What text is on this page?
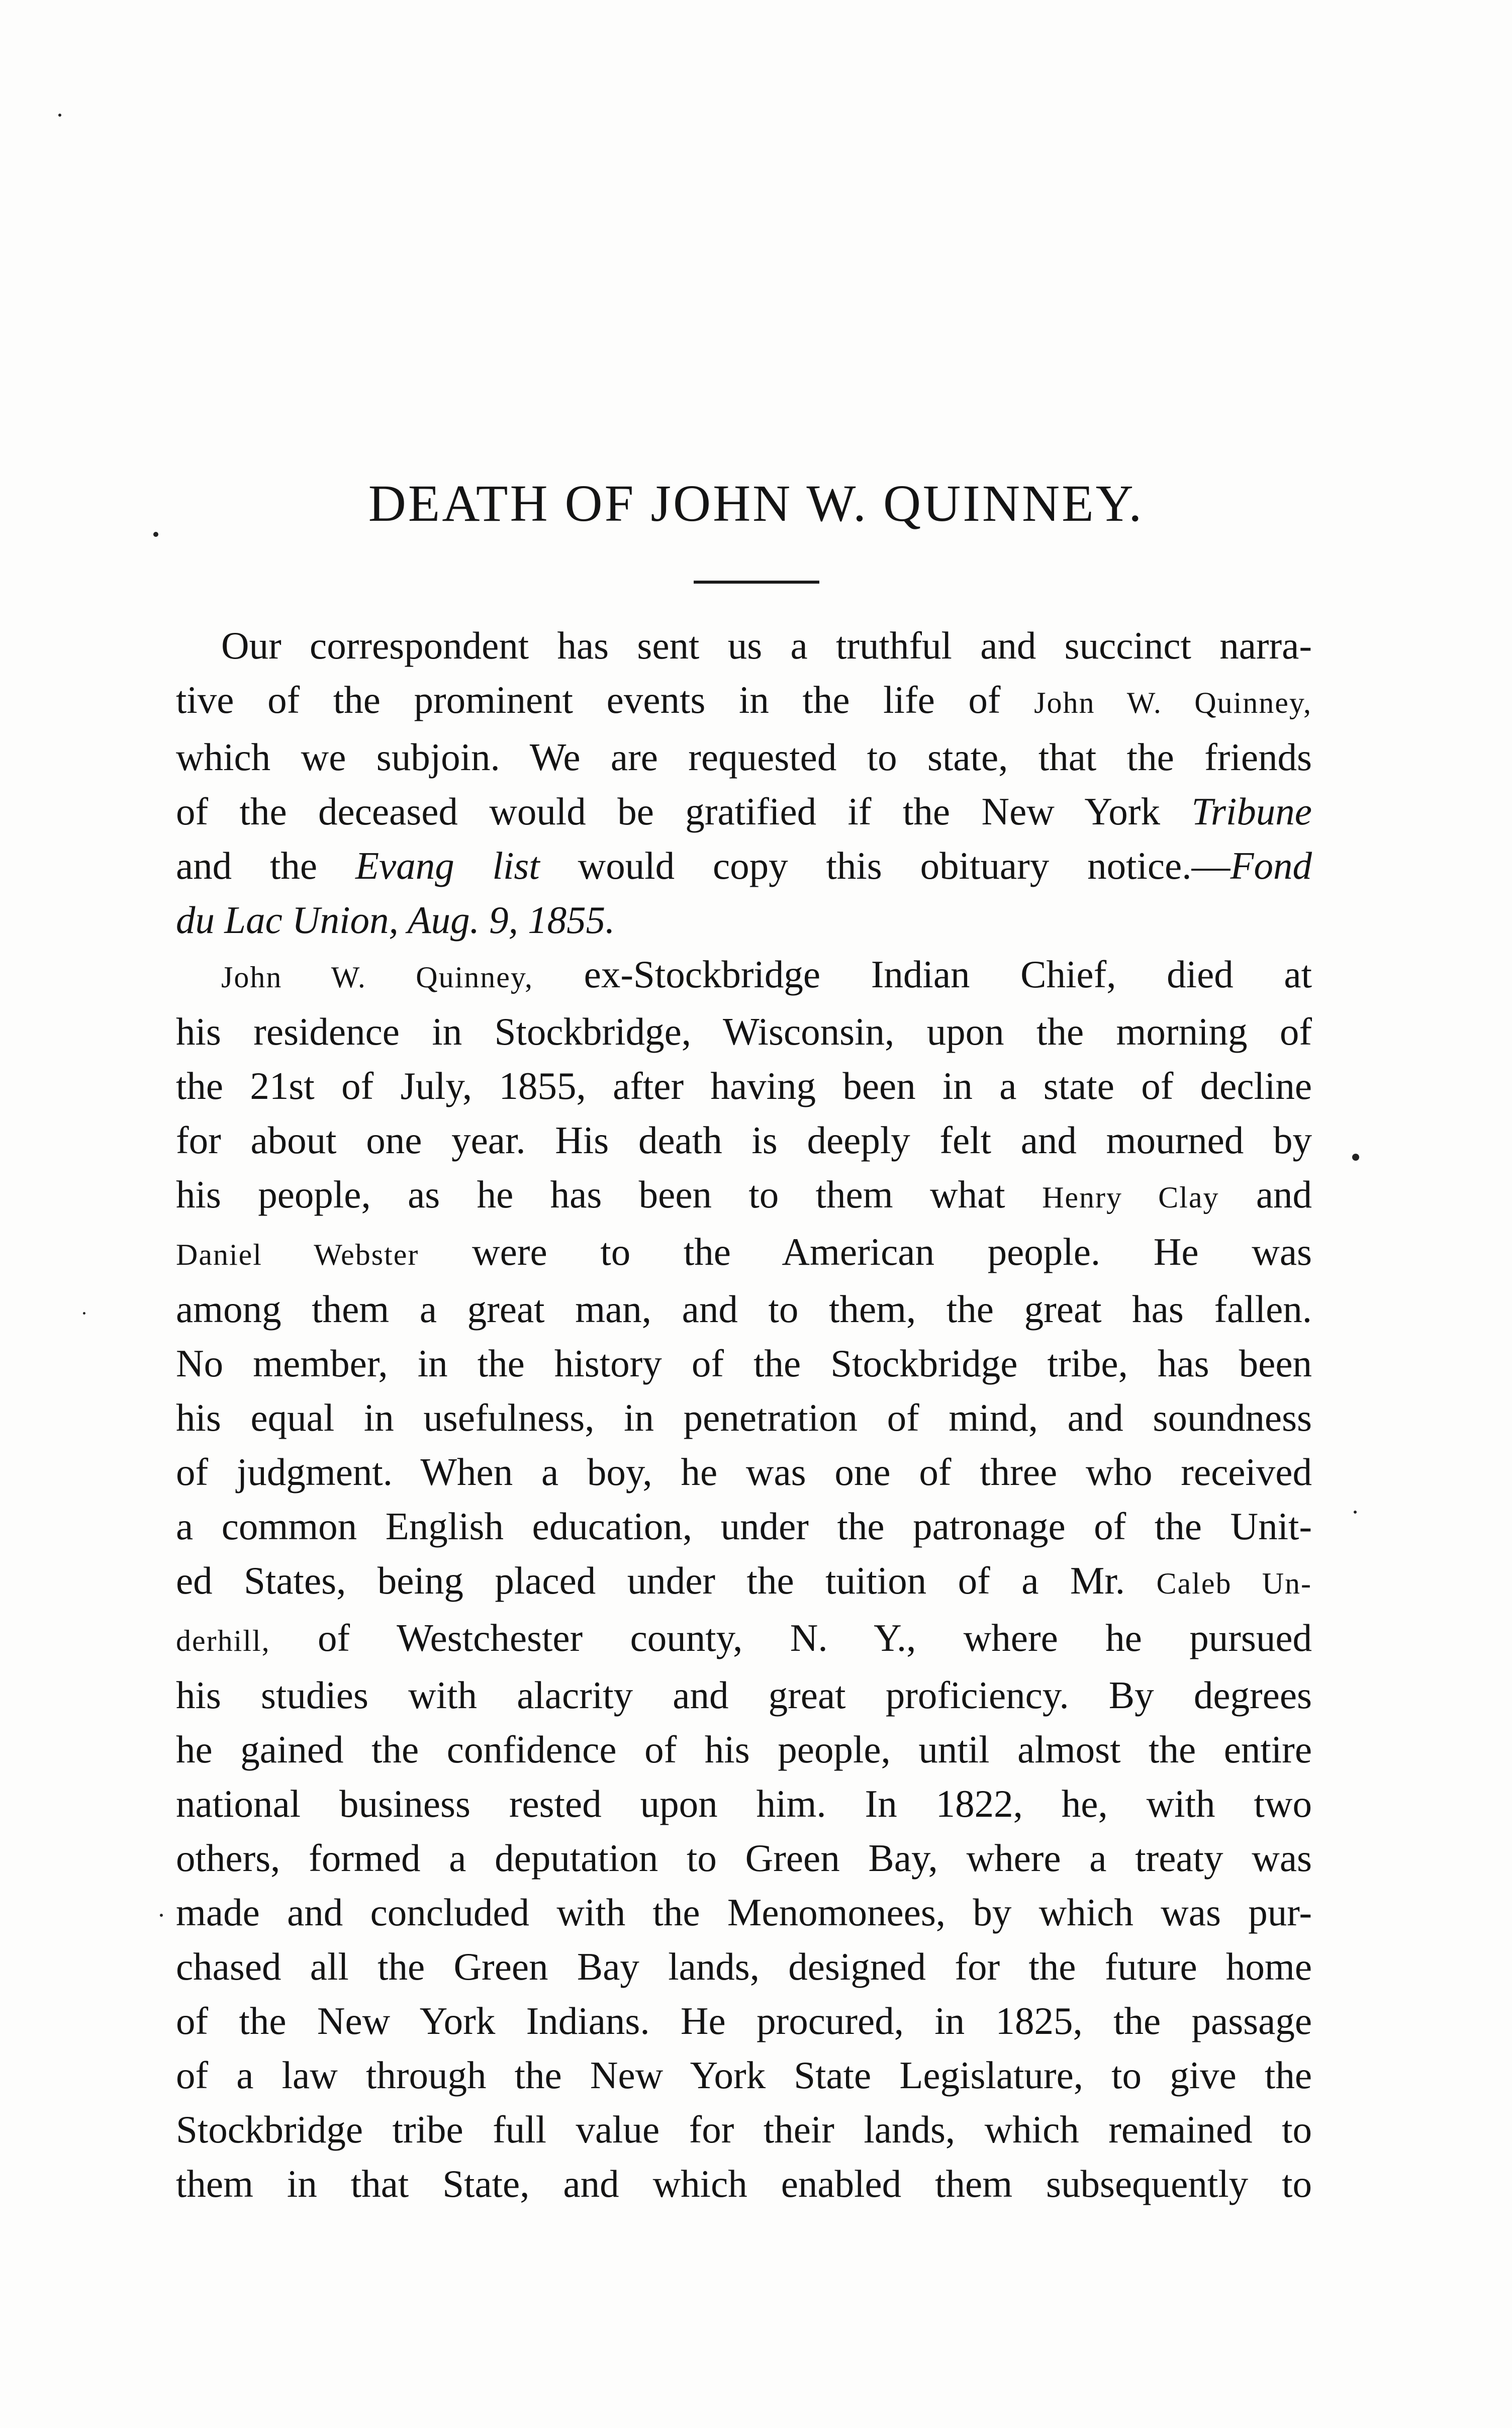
DEATH OF JOHN W. QUINNEY.
Our correspondent has sent us a truthful and succinct narra-
tive of the prominent events in the life of John W. Quinney,
which we subjoin. We are requested to state, that the friends
of the deceased would be gratified if the New York Tribune
and the Evang list would copy this obituary notice.—Fond
du Lac Union, Aug. 9, 1855.
John W. Quinney, ex-Stockbridge Indian Chief, died at
his residence in Stockbridge, Wisconsin, upon the morning of
the 21st of July, 1855, after having been in a state of decline
for about one year. His death is deeply felt and mourned by
his people, as he has been to them what Henry Clay and
Daniel Webster were to the American people. He was
among them a great man, and to them, the great has fallen.
No member, in the history of the Stockbridge tribe, has been
his equal in usefulness, in penetration of mind, and soundness
of judgment. When a boy, he was one of three who received
a common English education, under the patronage of the Unit-
ed States, being placed under the tuition of a Mr. Caleb Un-
derhill, of Westchester county, N. Y., where he pursued
his studies with alacrity and great proficiency. By degrees
he gained the confidence of his people, until almost the entire
national business rested upon him. In 1822, he, with two
others, formed a deputation to Green Bay, where a treaty was
made and concluded with the Menomonees, by which was pur-
chased all the Green Bay lands, designed for the future home
of the New York Indians. He procured, in 1825, the passage
of a law through the New York State Legislature, to give the
Stockbridge tribe full value for their lands, which remained to
them in that State, and which enabled them subsequently to
